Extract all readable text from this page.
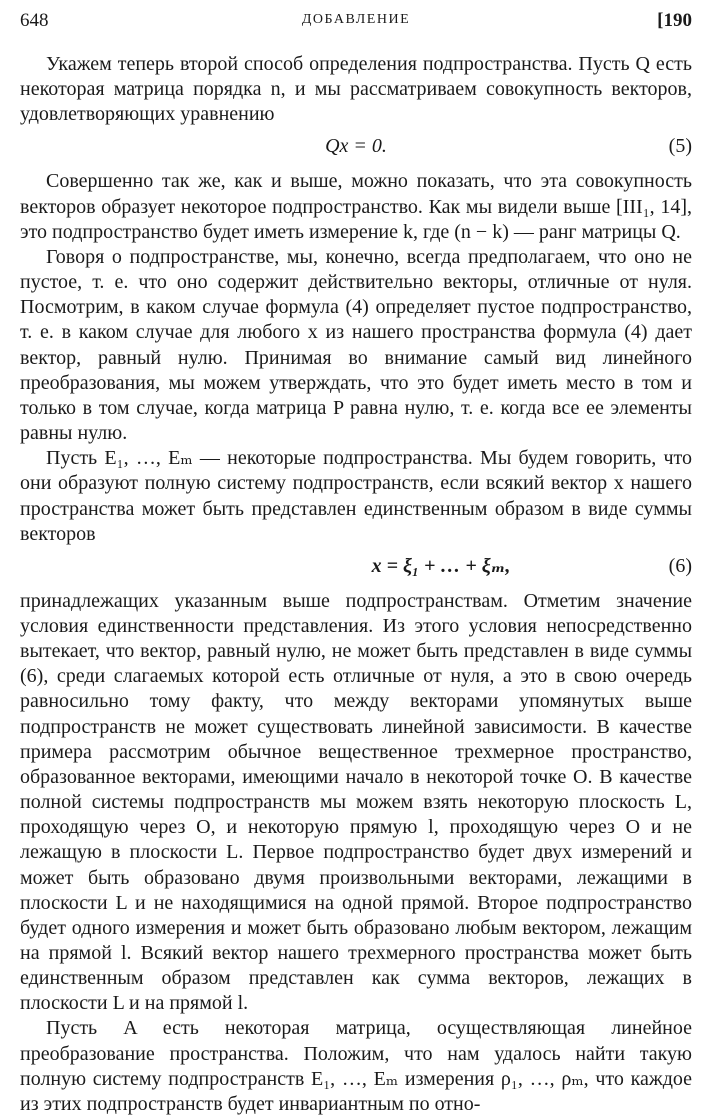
648	ДОБАВЛЕНИЕ	[190

Укажем теперь второй способ определения подпространства. Пусть Q есть некоторая матрица порядка n, и мы рассматриваем совокупность векторов, удовлетворяющих уравнению

Qx = 0.	(5)

Совершенно так же, как и выше, можно показать, что эта совокупность векторов образует некоторое подпространство. Как мы видели выше [III₁, 14], это подпространство будет иметь измерение k, где (n − k) — ранг матрицы Q.

Говоря о подпространстве, мы, конечно, всегда предполагаем, что оно не пустое, т. е. что оно содержит действительно векторы, отличные от нуля. Посмотрим, в каком случае формула (4) определяет пустое подпространство, т. е. в каком случае для любого x из нашего пространства формула (4) дает вектор, равный нулю. Принимая во внимание самый вид линейного преобразования, мы можем утверждать, что это будет иметь место в том и только в том случае, когда матрица P равна нулю, т. е. когда все ее элементы равны нулю.

Пусть E₁, …, Eₘ — некоторые подпространства. Мы будем говорить, что они образуют полную систему подпространств, если всякий вектор x нашего пространства может быть представлен единственным образом в виде суммы векторов

x = ξ₁ + … + ξₘ,	(6)

принадлежащих указанным выше подпространствам. Отметим значение условия единственности представления. Из этого условия непосредственно вытекает, что вектор, равный нулю, не может быть представлен в виде суммы (6), среди слагаемых которой есть отличные от нуля, а это в свою очередь равносильно тому факту, что между векторами упомянутых выше подпространств не может существовать линейной зависимости. В качестве примера рассмотрим обычное вещественное трехмерное пространство, образованное векторами, имеющими начало в некоторой точке O. В качестве полной системы подпространств мы можем взять некоторую плоскость L, проходящую через O, и некоторую прямую l, проходящую через O и не лежащую в плоскости L. Первое подпространство будет двух измерений и может быть образовано двумя произвольными векторами, лежащими в плоскости L и не находящимися на одной прямой. Второе подпространство будет одного измерения и может быть образовано любым вектором, лежащим на прямой l. Всякий вектор нашего трехмерного пространства может быть единственным образом представлен как сумма векторов, лежащих в плоскости L и на прямой l.

Пусть A есть некоторая матрица, осуществляющая линейное преобразование пространства. Положим, что нам удалось найти такую полную систему подпространств E₁, …, Eₘ измерения ρ₁, …, ρₘ, что каждое из этих подпространств будет инвариантным по отно-
